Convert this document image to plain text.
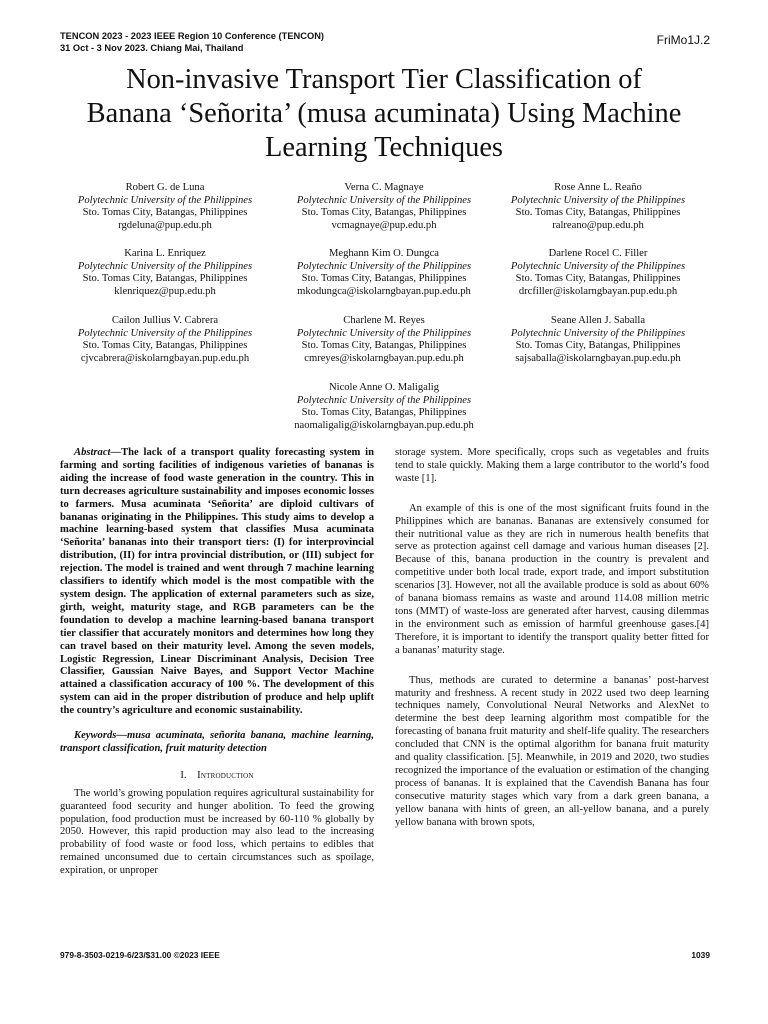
TENCON 2023 - 2023 IEEE Region 10 Conference (TENCON)
31 Oct - 3 Nov 2023. Chiang Mai, Thailand
FriMo1J.2
Non-invasive Transport Tier Classification of
Banana ‘Señorita’ (musa acuminata) Using Machine
Learning Techniques
Robert G. de Luna
Polytechnic University of the Philippines
Sto. Tomas City, Batangas, Philippines
rgdeluna@pup.edu.ph
Verna C. Magnaye
Polytechnic University of the Philippines
Sto. Tomas City, Batangas, Philippines
vcmagnaye@pup.edu.ph
Rose Anne L. Reaño
Polytechnic University of the Philippines
Sto. Tomas City, Batangas, Philippines
ralreano@pup.edu.ph
Karina L. Enriquez
Polytechnic University of the Philippines
Sto. Tomas City, Batangas, Philippines
klenriquez@pup.edu.ph
Meghann Kim O. Dungca
Polytechnic University of the Philippines
Sto. Tomas City, Batangas, Philippines
mkodungca@iskolarngbayan.pup.edu.ph
Darlene Rocel C. Filler
Polytechnic University of the Philippines
Sto. Tomas City, Batangas, Philippines
drcfiller@iskolarngbayan.pup.edu.ph
Cailon Jullius V. Cabrera
Polytechnic University of the Philippines
Sto. Tomas City, Batangas, Philippines
cjvcabrera@iskolarngbayan.pup.edu.ph
Charlene M. Reyes
Polytechnic University of the Philippines
Sto. Tomas City, Batangas, Philippines
cmreyes@iskolarngbayan.pup.edu.ph
Seane Allen J. Saballa
Polytechnic University of the Philippines
Sto. Tomas City, Batangas, Philippines
sajsaballa@iskolarngbayan.pup.edu.ph
Nicole Anne O. Maligalig
Polytechnic University of the Philippines
Sto. Tomas City, Batangas, Philippines
naomaligalig@iskolarngbayan.pup.edu.ph

Abstract—The lack of a transport quality forecasting system in farming and sorting facilities of indigenous varieties of bananas is aiding the increase of food waste generation in the country. This in turn decreases agriculture sustainability and imposes economic losses to farmers. Musa acuminata ‘Señorita’ are diploid cultivars of bananas originating in the Philippines. This study aims to develop a machine learning-based system that classifies Musa acuminata ‘Señorita’ bananas into their transport tiers: (I) for interprovincial distribution, (II) for intra provincial distribution, or (III) subject for rejection. The model is trained and went through 7 machine learning classifiers to identify which model is the most compatible with the system design. The application of external parameters such as size, girth, weight, maturity stage, and RGB parameters can be the foundation to develop a machine learning-based banana transport tier classifier that accurately monitors and determines how long they can travel based on their maturity level. Among the seven models, Logistic Regression, Linear Discriminant Analysis, Decision Tree Classifier, Gaussian Naive Bayes, and Support Vector Machine attained a classification accuracy of 100 %. The development of this system can aid in the proper distribution of produce and help uplift the country’s agriculture and economic sustainability.

Keywords—musa acuminata, señorita banana, machine learning, transport classification, fruit maturity detection

I.  Introduction

The world’s growing population requires agricultural sustainability for guaranteed food security and hunger abolition. To feed the growing population, food production must be increased by 60-110 % globally by 2050. However, this rapid production may also lead to the increasing probability of food waste or food loss, which pertains to edibles that remained unconsumed due to certain circumstances such as spoilage, expiration, or unproper

storage system. More specifically, crops such as vegetables and fruits tend to stale quickly. Making them a large contributor to the world’s food waste [1].

An example of this is one of the most significant fruits found in the Philippines which are bananas. Bananas are extensively consumed for their nutritional value as they are rich in numerous health benefits that serve as protection against cell damage and various human diseases [2]. Because of this, banana production in the country is prevalent and competitive under both local trade, export trade, and import substitution scenarios [3]. However, not all the available produce is sold as about 60% of banana biomass remains as waste and around 114.08 million metric tons (MMT) of waste-loss are generated after harvest, causing dilemmas in the environment such as emission of harmful greenhouse gases.[4] Therefore, it is important to identify the transport quality better fitted for a bananas’ maturity stage.

Thus, methods are curated to determine a bananas’ post-harvest maturity and freshness. A recent study in 2022 used two deep learning techniques namely, Convolutional Neural Networks and AlexNet to determine the best deep learning algorithm most compatible for the forecasting of banana fruit maturity and shelf-life quality. The researchers concluded that CNN is the optimal algorithm for banana fruit maturity and quality classification. [5]. Meanwhile, in 2019 and 2020, two studies recognized the importance of the evaluation or estimation of the changing process of bananas. It is explained that the Cavendish Banana has four consecutive maturity stages which vary from a dark green banana, a yellow banana with hints of green, an all-yellow banana, and a purely yellow banana with brown spots,

979-8-3503-0219-6/23/$31.00 ©2023 IEEE	1039
